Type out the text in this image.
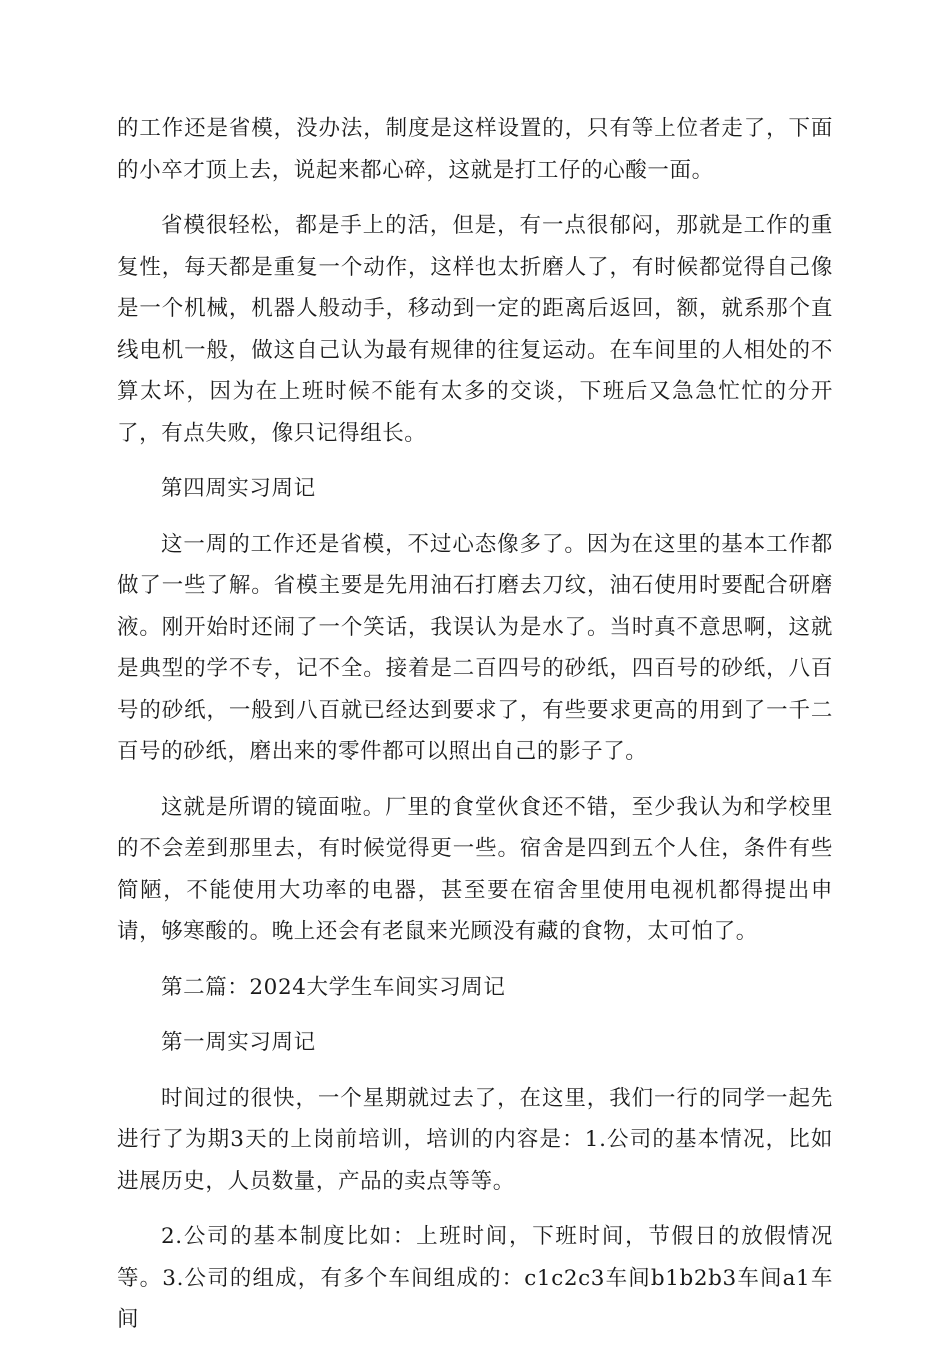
的工作还是省模，没办法，制度是这样设置的，只有等上位者走了，下面的小卒才顶上去，说起来都心碎，这就是打工仔的心酸一面。

省模很轻松，都是手上的活，但是，有一点很郁闷，那就是工作的重复性，每天都是重复一个动作，这样也太折磨人了，有时候都觉得自己像是一个机械，机器人般动手，移动到一定的距离后返回，额，就系那个直线电机一般，做这自己认为最有规律的往复运动。在车间里的人相处的不算太坏，因为在上班时候不能有太多的交谈，下班后又急急忙忙的分开了，有点失败，像只记得组长。

第四周实习周记

这一周的工作还是省模，不过心态像多了。因为在这里的基本工作都做了一些了解。省模主要是先用油石打磨去刀纹，油石使用时要配合研磨液。刚开始时还闹了一个笑话，我误认为是水了。当时真不意思啊，这就是典型的学不专，记不全。接着是二百四号的砂纸，四百号的砂纸，八百号的砂纸，一般到八百就已经达到要求了，有些要求更高的用到了一千二百号的砂纸，磨出来的零件都可以照出自己的影子了。

这就是所谓的镜面啦。厂里的食堂伙食还不错，至少我认为和学校里的不会差到那里去，有时候觉得更一些。宿舍是四到五个人住，条件有些简陋，不能使用大功率的电器，甚至要在宿舍里使用电视机都得提出申请，够寒酸的。晚上还会有老鼠来光顾没有藏的食物，太可怕了。

第二篇：2024大学生车间实习周记

第一周实习周记

时间过的很快，一个星期就过去了，在这里，我们一行的同学一起先进行了为期3天的上岗前培训，培训的内容是：1.公司的基本情况，比如进展历史，人员数量，产品的卖点等等。

2.公司的基本制度比如：上班时间，下班时间，节假日的放假情况等。3.公司的组成，有多个车间组成的：c1c2c3车间b1b2b3车间a1车间
